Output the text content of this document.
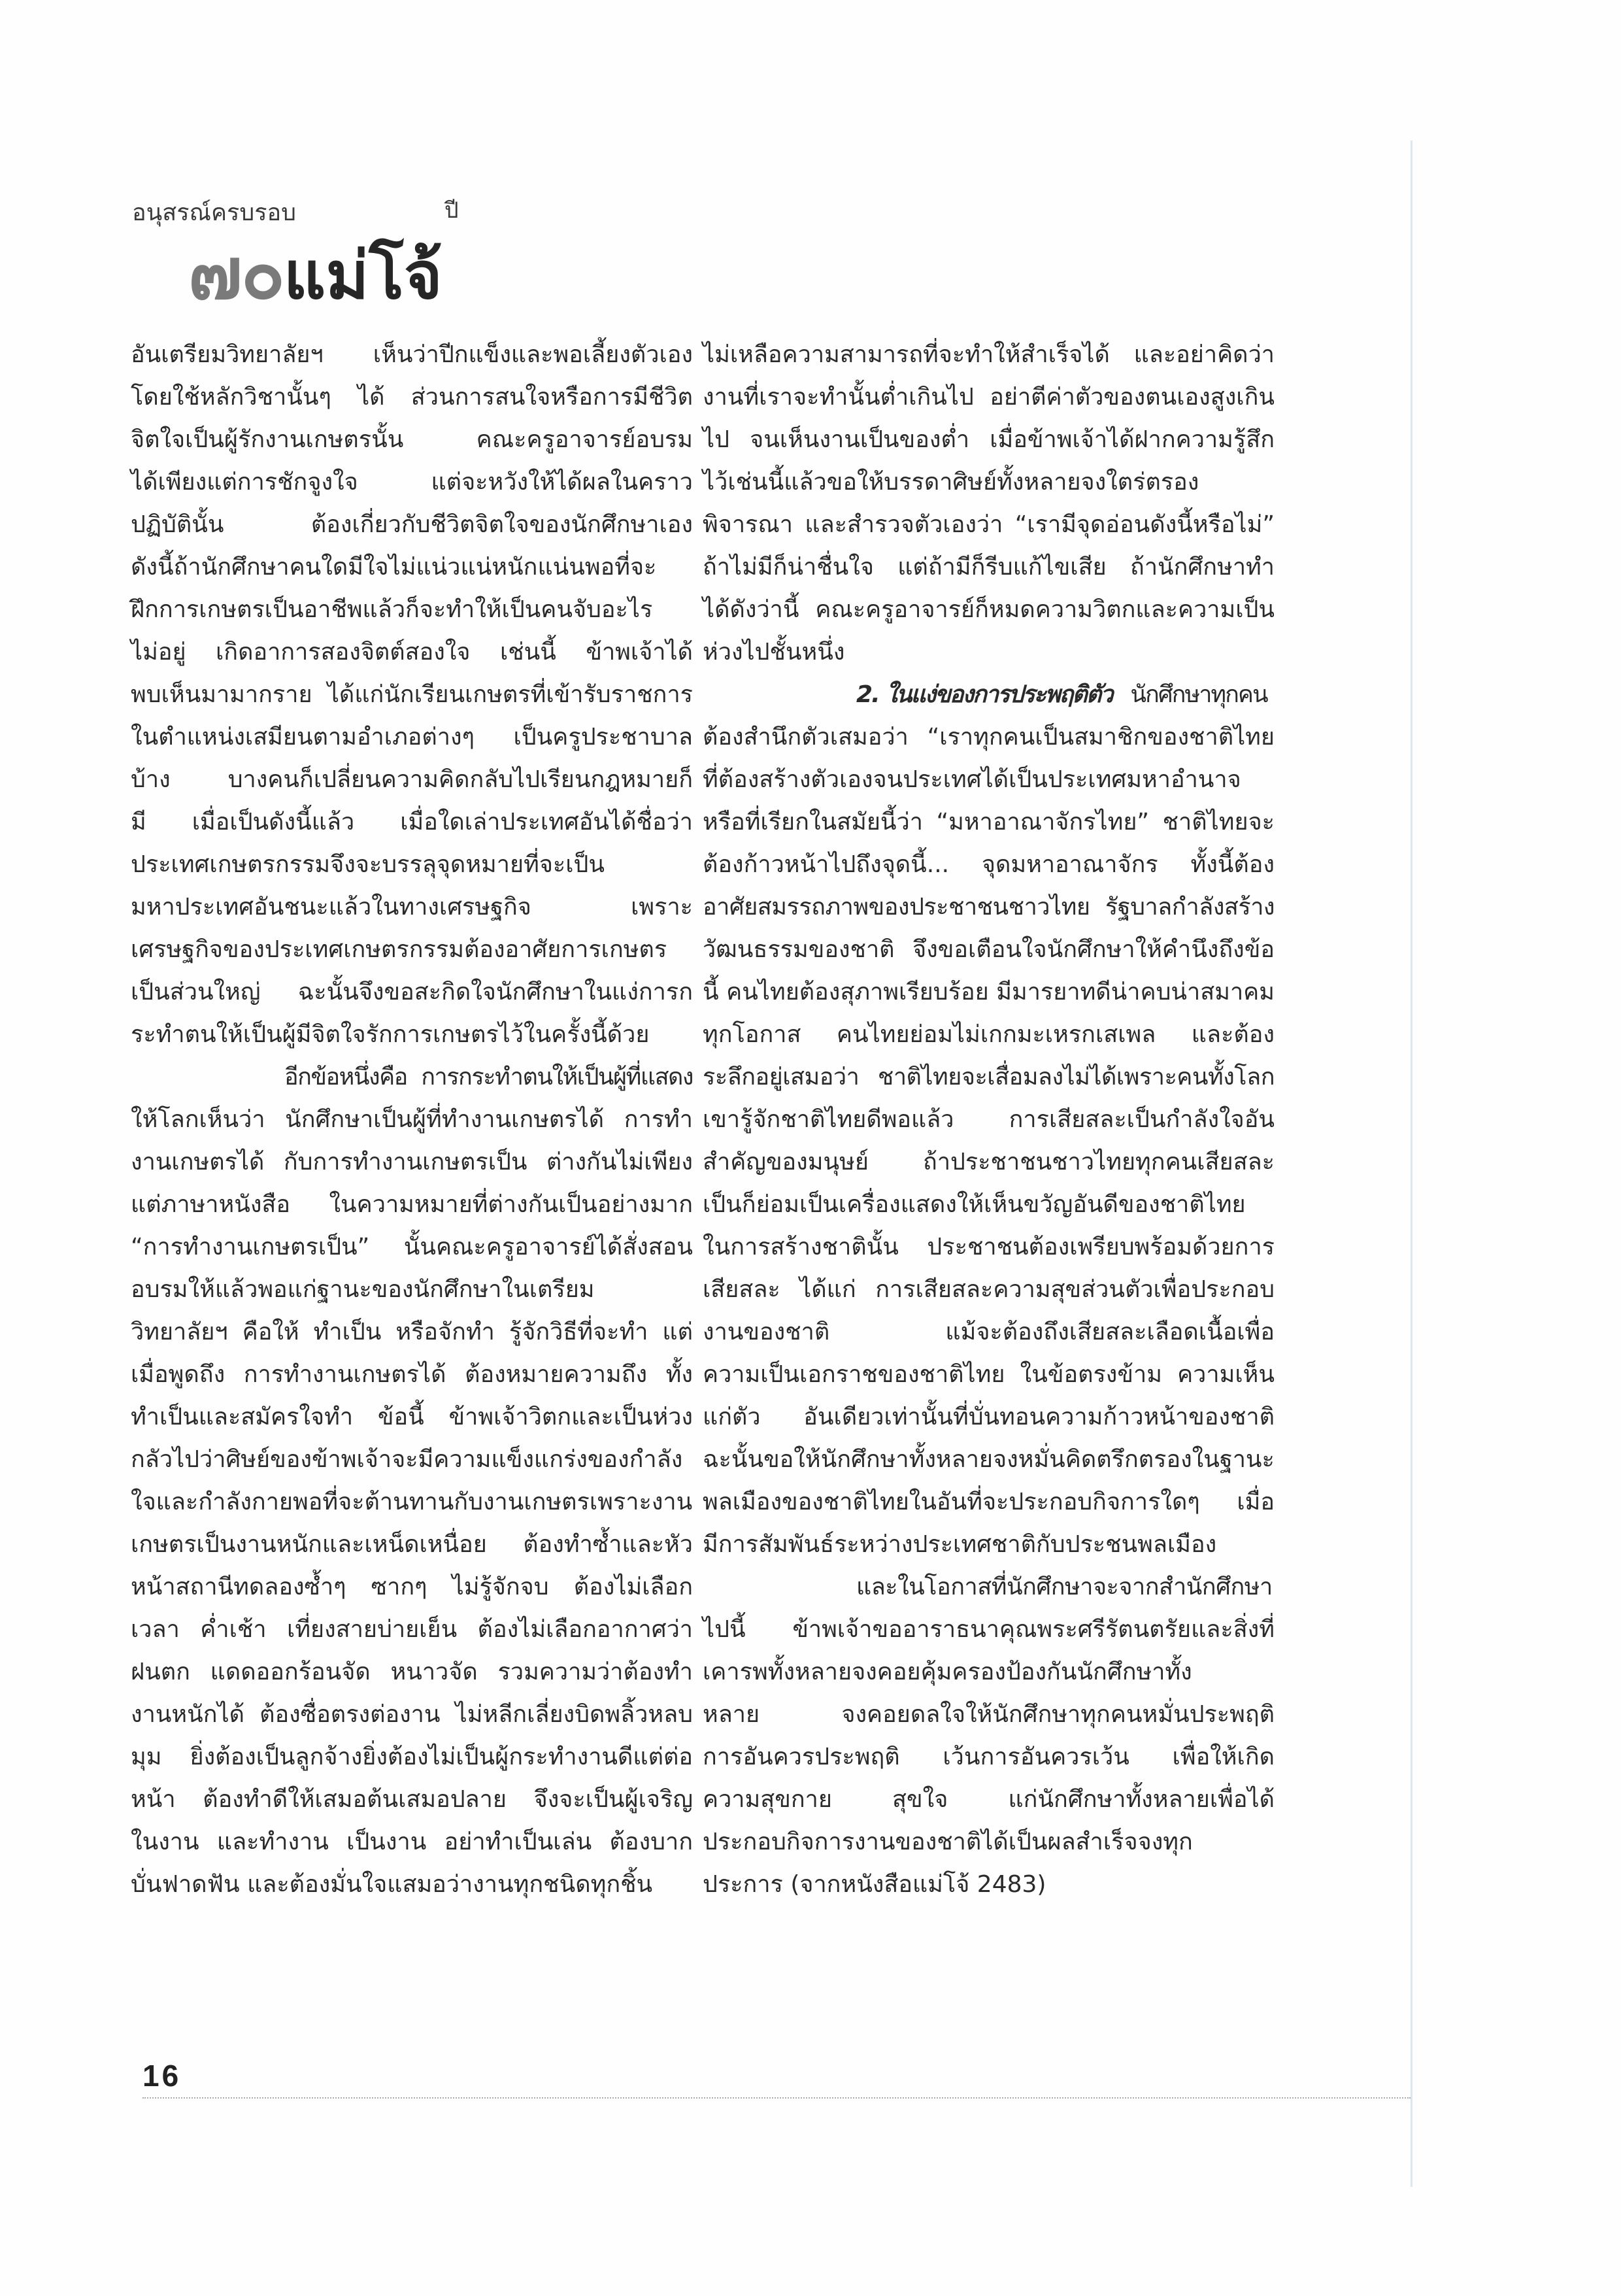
อนุสรณ์ครบรอบ	ปี
๗๐แม่โจ้
อันเตรียมวิทยาลัยฯ เห็นว่าปีกแข็งและพอเลี้ยงตัวเอง
โดยใช้หลักวิชานั้นๆ ได้ ส่วนการสนใจหรือการมีชีวิต
จิตใจเป็นผู้รักงานเกษตรนั้น คณะครูอาจารย์อบรม
ได้เพียงแต่การชักจูงใจ แต่จะหวังให้ได้ผลในคราว
ปฏิบัตินั้น ต้องเกี่ยวกับชีวิตจิตใจของนักศึกษาเอง
ดังนี้ถ้านักศึกษาคนใดมีใจไม่แน่วแน่หนักแน่นพอที่จะ
ฝึกการเกษตรเป็นอาชีพแล้วก็จะทำให้เป็นคนจับอะไร
ไม่อยู่ เกิดอาการสองจิตต์สองใจ เช่นนี้ ข้าพเจ้าได้
พบเห็นมามากราย ได้แก่นักเรียนเกษตรที่เข้ารับราชการ
ในตำแหน่งเสมียนตามอำเภอต่างๆ เป็นครูประชาบาล
บ้าง บางคนก็เปลี่ยนความคิดกลับไปเรียนกฎหมายก็
มี เมื่อเป็นดังนี้แล้ว เมื่อใดเล่าประเทศอันได้ชื่อว่า
ประเทศเกษตรกรรมจึงจะบรรลุจุดหมายที่จะเป็น
มหาประเทศอันชนะแล้วในทางเศรษฐกิจ เพราะ
เศรษฐกิจของประเทศเกษตรกรรมต้องอาศัยการเกษตร
เป็นส่วนใหญ่ ฉะนั้นจึงขอสะกิดใจนักศึกษาในแง่การก
ระทำตนให้เป็นผู้มีจิตใจรักการเกษตรไว้ในครั้งนี้ด้วย
อีกข้อหนึ่งคือ การกระทำตนให้เป็นผู้ที่แสดง
ให้โลกเห็นว่า นักศึกษาเป็นผู้ที่ทำงานเกษตรได้ การทำ
งานเกษตรได้ กับการทำงานเกษตรเป็น ต่างกันไม่เพียง
แต่ภาษาหนังสือ ในความหมายที่ต่างกันเป็นอย่างมาก
“การทำงานเกษตรเป็น” นั้นคณะครูอาจารย์ได้สั่งสอน
อบรมให้แล้วพอแก่ฐานะของนักศึกษาในเตรียม
วิทยาลัยฯ คือให้ ทำเป็น หรือจักทำ รู้จักวิธีที่จะทำ แต่
เมื่อพูดถึง การทำงานเกษตรได้ ต้องหมายความถึง ทั้ง
ทำเป็นและสมัครใจทำ ข้อนี้ ข้าพเจ้าวิตกและเป็นห่วง
กลัวไปว่าศิษย์ของข้าพเจ้าจะมีความแข็งแกร่งของกำลัง
ใจและกำลังกายพอที่จะต้านทานกับงานเกษตรเพราะงาน
เกษตรเป็นงานหนักและเหน็ดเหนื่อย ต้องทำซ้ำและหัว
หน้าสถานีทดลองซ้ำๆ ซากๆ ไม่รู้จักจบ ต้องไม่เลือก
เวลา ค่ำเช้า เที่ยงสายบ่ายเย็น ต้องไม่เลือกอากาศว่า
ฝนตก แดดออกร้อนจัด หนาวจัด รวมความว่าต้องทำ
งานหนักได้ ต้องซื่อตรงต่องาน ไม่หลีกเลี่ยงบิดพลิ้วหลบ
มุม ยิ่งต้องเป็นลูกจ้างยิ่งต้องไม่เป็นผู้กระทำงานดีแต่ต่อ
หน้า ต้องทำดีให้เสมอต้นเสมอปลาย จึงจะเป็นผู้เจริญ
ในงาน และทำงาน เป็นงาน อย่าทำเป็นเล่น ต้องบาก
บั่นฟาดฟัน และต้องมั่นใจแสมอว่างานทุกชนิดทุกชิ้น
ไม่เหลือความสามารถที่จะทำให้สำเร็จได้ และอย่าคิดว่า
งานที่เราจะทำนั้นต่ำเกินไป อย่าตีค่าตัวของตนเองสูงเกิน
ไป จนเห็นงานเป็นของต่ำ เมื่อข้าพเจ้าได้ฝากความรู้สึก
ไว้เช่นนี้แล้วขอให้บรรดาศิษย์ทั้งหลายจงใตร่ตรอง
พิจารณา และสำรวจตัวเองว่า “เรามีจุดอ่อนดังนี้หรือไม่”
ถ้าไม่มีก็น่าชื่นใจ แต่ถ้ามีก็รีบแก้ไขเสีย ถ้านักศึกษาทำ
ได้ดังว่านี้ คณะครูอาจารย์ก็หมดความวิตกและความเป็น
ห่วงไปชั้นหนึ่ง
2. ในแง่ของการประพฤติตัว นักศึกษาทุกคน
ต้องสำนึกตัวเสมอว่า “เราทุกคนเป็นสมาชิกของชาติไทย
ที่ต้องสร้างตัวเองจนประเทศได้เป็นประเทศมหาอำนาจ
หรือที่เรียกในสมัยนี้ว่า “มหาอาณาจักรไทย” ชาติไทยจะ
ต้องก้าวหน้าไปถึงจุดนี้... จุดมหาอาณาจักร ทั้งนี้ต้อง
อาศัยสมรรถภาพของประชาชนชาวไทย รัฐบาลกำลังสร้าง
วัฒนธรรมของชาติ จึงขอเตือนใจนักศึกษาให้คำนึงถึงข้อ
นี้ คนไทยต้องสุภาพเรียบร้อย มีมารยาทดีน่าคบน่าสมาคม
ทุกโอกาส คนไทยย่อมไม่เกกมะเหรกเสเพล และต้อง
ระลึกอยู่เสมอว่า ชาติไทยจะเสื่อมลงไม่ได้เพราะคนทั้งโลก
เขารู้จักชาติไทยดีพอแล้ว การเสียสละเป็นกำลังใจอัน
สำคัญของมนุษย์ ถ้าประชาชนชาวไทยทุกคนเสียสละ
เป็นก็ย่อมเป็นเครื่องแสดงให้เห็นขวัญอันดีของชาติไทย
ในการสร้างชาตินั้น ประชาชนต้องเพรียบพร้อมด้วยการ
เสียสละ ได้แก่ การเสียสละความสุขส่วนตัวเพื่อประกอบ
งานของชาติ แม้จะต้องถึงเสียสละเลือดเนื้อเพื่อ
ความเป็นเอกราชของชาติไทย ในข้อตรงข้าม ความเห็น
แก่ตัว อันเดียวเท่านั้นที่บั่นทอนความก้าวหน้าของชาติ
ฉะนั้นขอให้นักศึกษาทั้งหลายจงหมั่นคิดตรึกตรองในฐานะ
พลเมืองของชาติไทยในอันที่จะประกอบกิจการใดๆ เมื่อ
มีการสัมพันธ์ระหว่างประเทศชาติกับประชนพลเมือง
และในโอกาสที่นักศึกษาจะจากสำนักศึกษา
ไปนี้ ข้าพเจ้าขออาราธนาคุณพระศรีรัตนตรัยและสิ่งที่
เคารพทั้งหลายจงคอยคุ้มครองป้องกันนักศึกษาทั้ง
หลาย จงคอยดลใจให้นักศึกษาทุกคนหมั่นประพฤติ
การอันควรประพฤติ เว้นการอันควรเว้น เพื่อให้เกิด
ความสุขกาย สุขใจ แก่นักศึกษาทั้งหลายเพื่อได้
ประกอบกิจการงานของชาติได้เป็นผลสำเร็จจงทุก
ประการ (จากหนังสือแม่โจ้ 2483)
16
